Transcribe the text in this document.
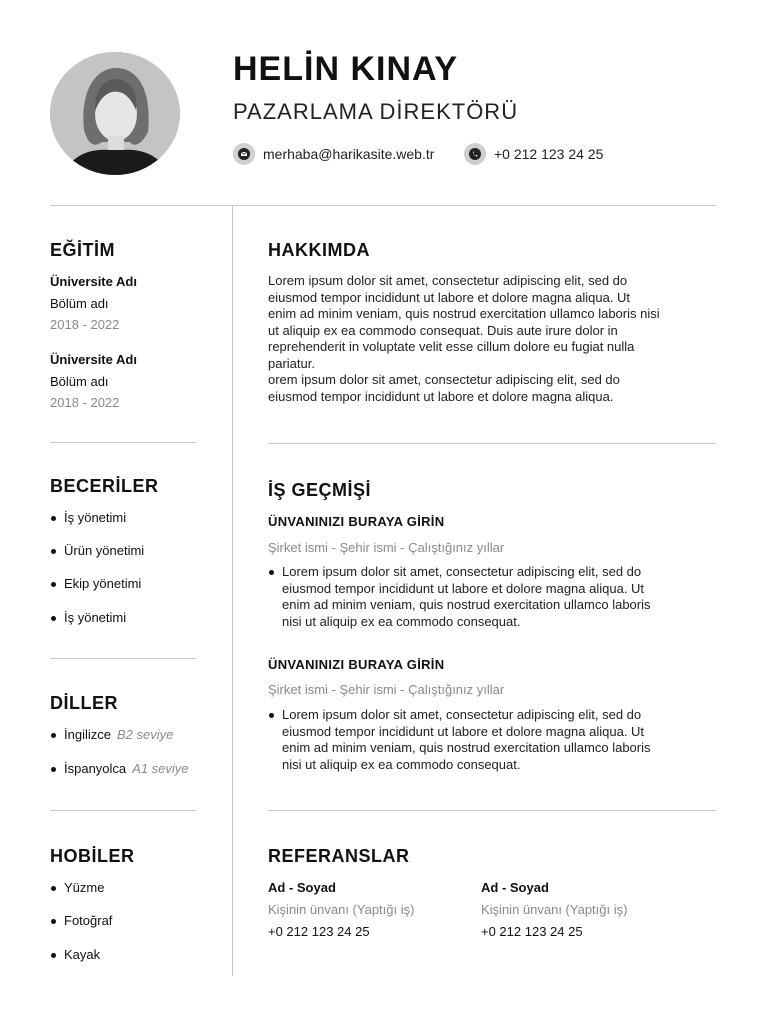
HELİN KINAY
PAZARLAMA DİREKTÖRÜ
merhaba@harikasite.web.tr	+0 212 123 24 25
EĞİTİM
Üniversite Adı
Bölüm adı
2018 - 2022
Üniversite Adı
Bölüm adı
2018 - 2022
BECERİLER
İş yönetimi
Ürün yönetimi
Ekip yönetimi
İş yönetimi
DİLLER
İngilizce B2 seviye
İspanyolca A1 seviye
HOBİLER
Yüzme
Fotoğraf
Kayak
HAKKIMDA
Lorem ipsum dolor sit amet, consectetur adipiscing elit, sed do
eiusmod tempor incididunt ut labore et dolore magna aliqua. Ut
enim ad minim veniam, quis nostrud exercitation ullamco laboris nisi
ut aliquip ex ea commodo consequat. Duis aute irure dolor in
reprehenderit in voluptate velit esse cillum dolore eu fugiat nulla
pariatur.
orem ipsum dolor sit amet, consectetur adipiscing elit, sed do
eiusmod tempor incididunt ut labore et dolore magna aliqua.
İŞ GEÇMİŞİ
ÜNVANINIZI BURAYA GİRİN
Şirket ismi - Şehir ismi - Çalıştığınız yıllar
Lorem ipsum dolor sit amet, consectetur adipiscing elit, sed do
eiusmod tempor incididunt ut labore et dolore magna aliqua. Ut
enim ad minim veniam, quis nostrud exercitation ullamco laboris
nisi ut aliquip ex ea commodo consequat.
ÜNVANINIZI BURAYA GİRİN
Şirket ismi - Şehir ismi - Çalıştığınız yıllar
Lorem ipsum dolor sit amet, consectetur adipiscing elit, sed do
eiusmod tempor incididunt ut labore et dolore magna aliqua. Ut
enim ad minim veniam, quis nostrud exercitation ullamco laboris
nisi ut aliquip ex ea commodo consequat.
REFERANSLAR
Ad - Soyad
Kişinin ünvanı (Yaptığı iş)
+0 212 123 24 25
Ad - Soyad
Kişinin ünvanı (Yaptığı iş)
+0 212 123 24 25
